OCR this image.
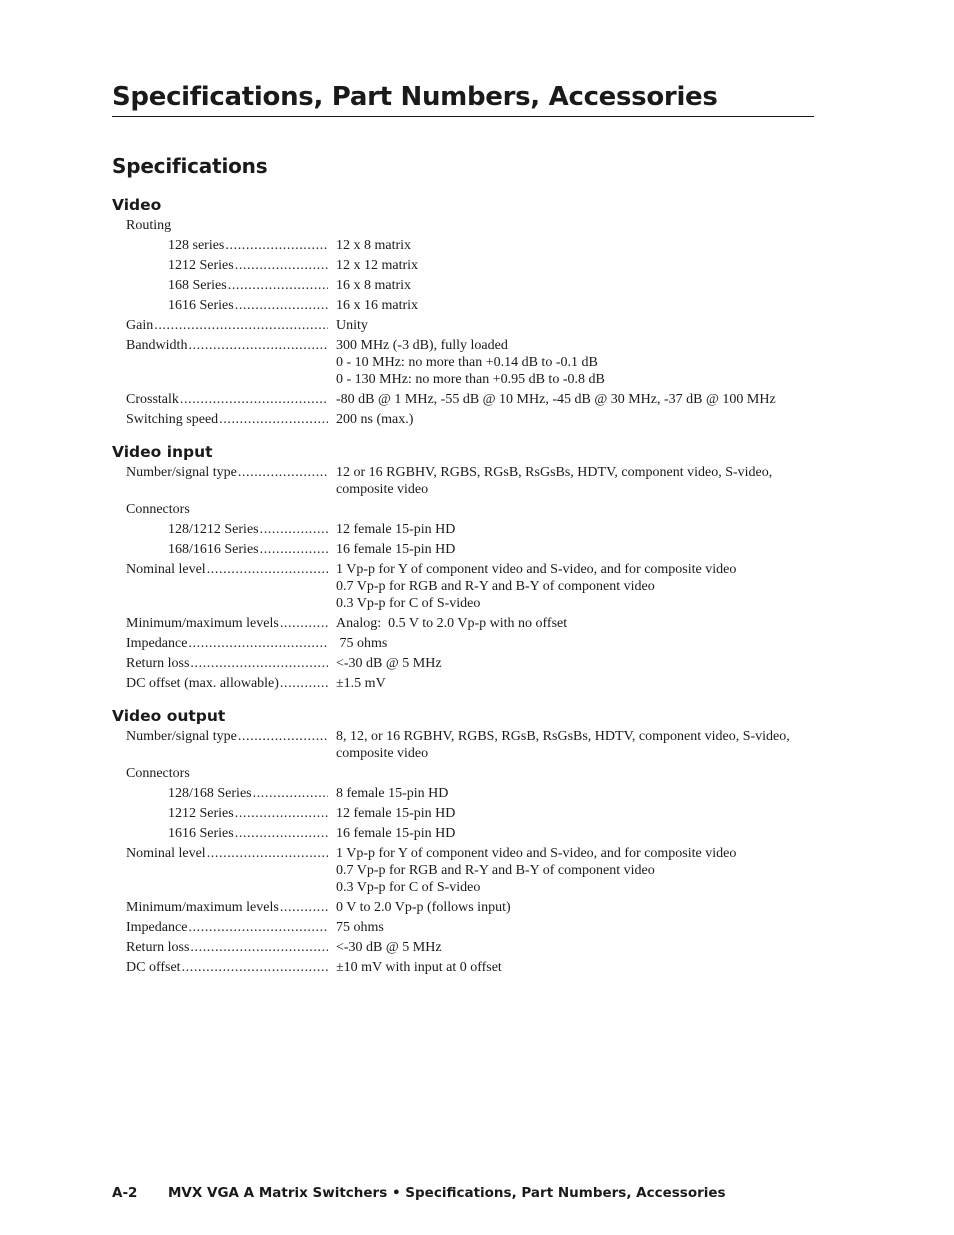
Specifications, Part Numbers, Accessories
Specifications
Video
Routing
128 series .....	12 x 8 matrix
1212 Series .....	12 x 12 matrix
168 Series .....	16 x 8 matrix
1616 Series .....	16 x 16 matrix
Gain .....	Unity
Bandwidth .....	300 MHz (-3 dB), fully loaded
0 - 10 MHz: no more than +0.14 dB to -0.1 dB
0 - 130 MHz: no more than +0.95 dB to -0.8 dB
Crosstalk .....	-80 dB @ 1 MHz, -55 dB @ 10 MHz, -45 dB @ 30 MHz, -37 dB @ 100 MHz
Switching speed .....	200 ns (max.)
Video input
Number/signal type .....	12 or 16 RGBHV, RGBS, RGsB, RsGsBs, HDTV, component video, S-video, composite video
Connectors
128/1212 Series .....	12 female 15-pin HD
168/1616 Series .....	16 female 15-pin HD
Nominal level .....	1 Vp-p for Y of component video and S-video, and for composite video
0.7 Vp-p for RGB and R-Y and B-Y of component video
0.3 Vp-p for C of S-video
Minimum/maximum levels .....	Analog:  0.5 V to 2.0 Vp-p with no offset
Impedance .....	75 ohms
Return loss .....	<-30 dB @ 5 MHz
DC offset (max. allowable) .....	±1.5 mV
Video output
Number/signal type .....	8, 12, or 16 RGBHV, RGBS, RGsB, RsGsBs, HDTV, component video, S-video, composite video
Connectors
128/168 Series .....	8 female 15-pin HD
1212 Series .....	12 female 15-pin HD
1616 Series .....	16 female 15-pin HD
Nominal level .....	1 Vp-p for Y of component video and S-video, and for composite video
0.7 Vp-p for RGB and R-Y and B-Y of component video
0.3 Vp-p for C of S-video
Minimum/maximum levels .....	0 V to 2.0 Vp-p (follows input)
Impedance .....	75 ohms
Return loss .....	<-30 dB @ 5 MHz
DC offset .....	±10 mV with input at 0 offset
A-2	MVX VGA A Matrix Switchers • Specifications, Part Numbers, Accessories
